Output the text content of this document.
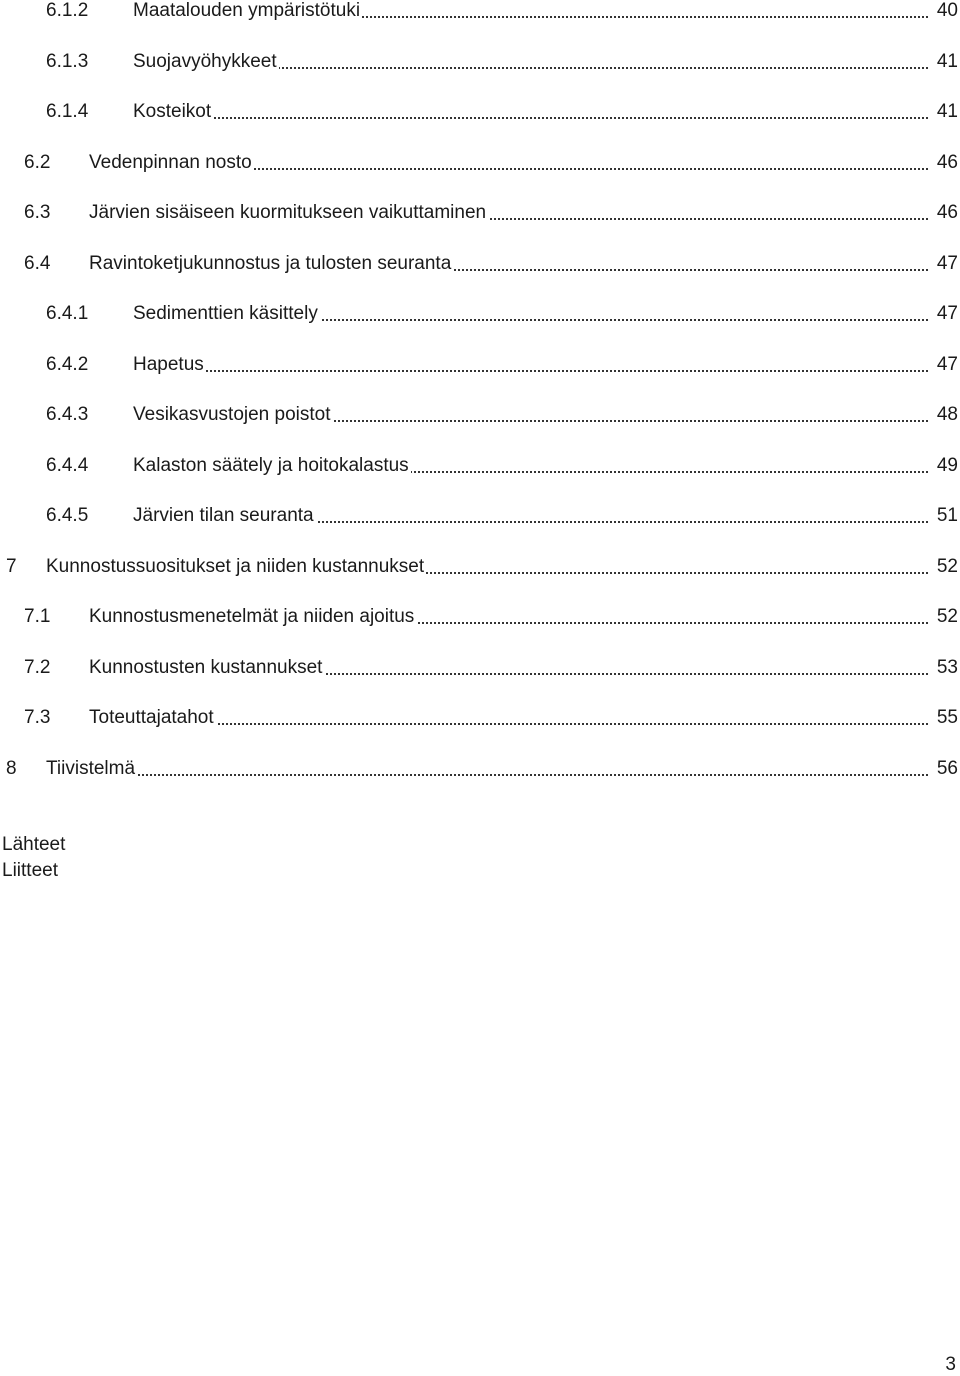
6.1.2 Maatalouden ympäristötuki	40
6.1.3 Suojavyöhykkeet	41
6.1.4 Kosteikot	41
6.2 Vedenpinnan nosto	46
6.3 Järvien sisäiseen kuormitukseen vaikuttaminen	46
6.4 Ravintoketjukunnostus ja tulosten seuranta	47
6.4.1 Sedimenttien käsittely	47
6.4.2 Hapetus	47
6.4.3 Vesikasvustojen poistot	48
6.4.4 Kalaston säätely ja hoitokalastus	49
6.4.5 Järvien tilan seuranta	51
7 Kunnostussuositukset ja niiden kustannukset	52
7.1 Kunnostusmenetelmät ja niiden ajoitus	52
7.2 Kunnostusten kustannukset	53
7.3 Toteuttajatahot	55
8 Tiivistelmä	56
Lähteet
Liitteet
3
